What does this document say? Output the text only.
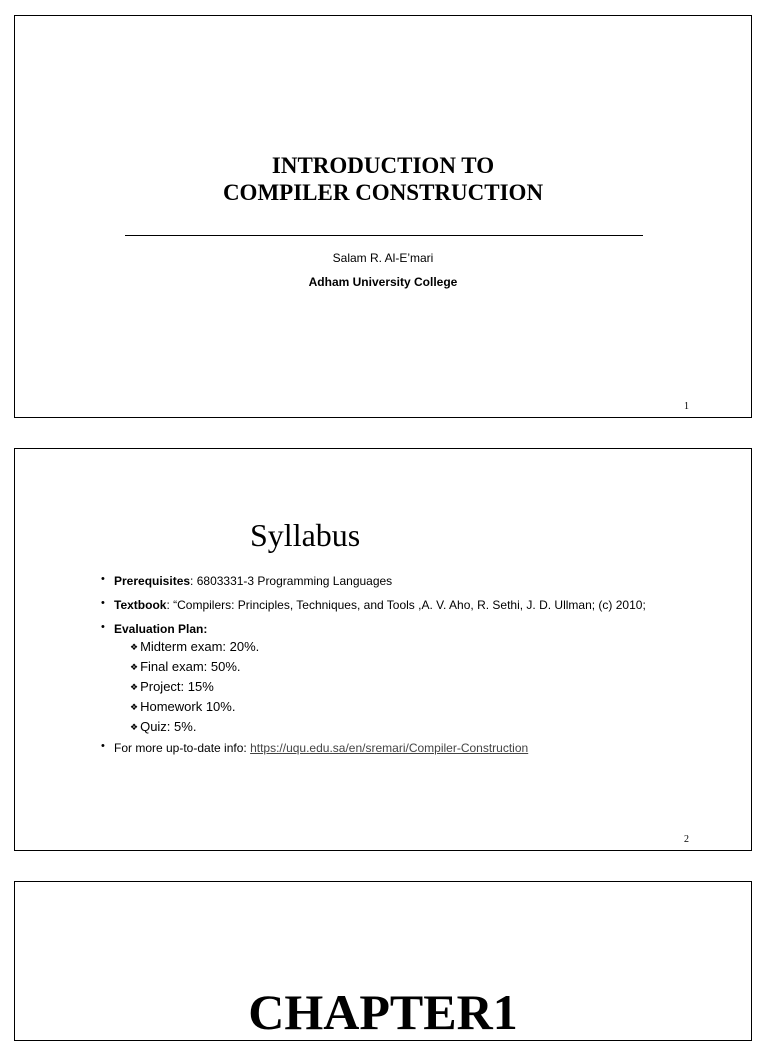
INTRODUCTION TO
COMPILER CONSTRUCTION
Salam R. Al-E’mari
Adham University College
1
Syllabus
• Prerequisites: 6803331-3 Programming Languages
• Textbook: “Compilers: Principles, Techniques, and Tools ,A. V. Aho, R. Sethi, J. D. Ullman; (c) 2010;
• Evaluation Plan:
❖ Midterm exam: 20%.
❖ Final exam: 50%.
❖ Project: 15%
❖ Homework 10%.
❖ Quiz: 5%.
• For more up-to-date info: https://uqu.edu.sa/en/sremari/Compiler-Construction
2
CHAPTER1
